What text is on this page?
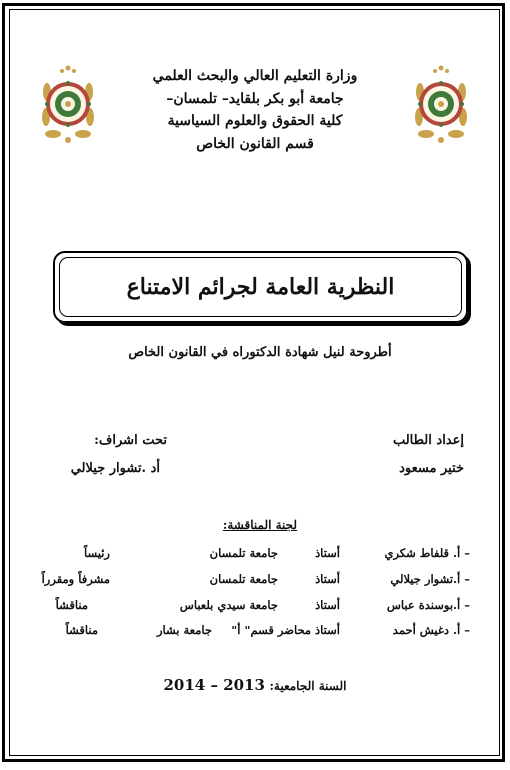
وزارة التعليم العالي والبحث العلمي
جامعة أبو بكر بلقايد– تلمسان–
كلية الحقوق والعلوم السياسية
قسم القانون الخاص
النظرية العامة لجرائم الامتناع
أطروحة لنيل شهادة الدكتوراه في القانون الخاص
إعداد الطالب
تحت اشراف:
ختير مسعود
أد .تشوار جيلالي
لجنة المناقشة:
– أ. قلفاط شكري
أستاذ
جامعة تلمسان
رئيساً
– أ.تشوار جيلالي
أستاذ
جامعة تلمسان
مشرفاً ومقرراً
– أ.بوسندة عباس
أستاذ
جامعة سيدي بلعباس
مناقشاً
– أ. دغيش أحمد
أستاذ محاضر قسم" أ"
جامعة بشار
مناقشاً
السنة الجامعية: 2013 – 2014
